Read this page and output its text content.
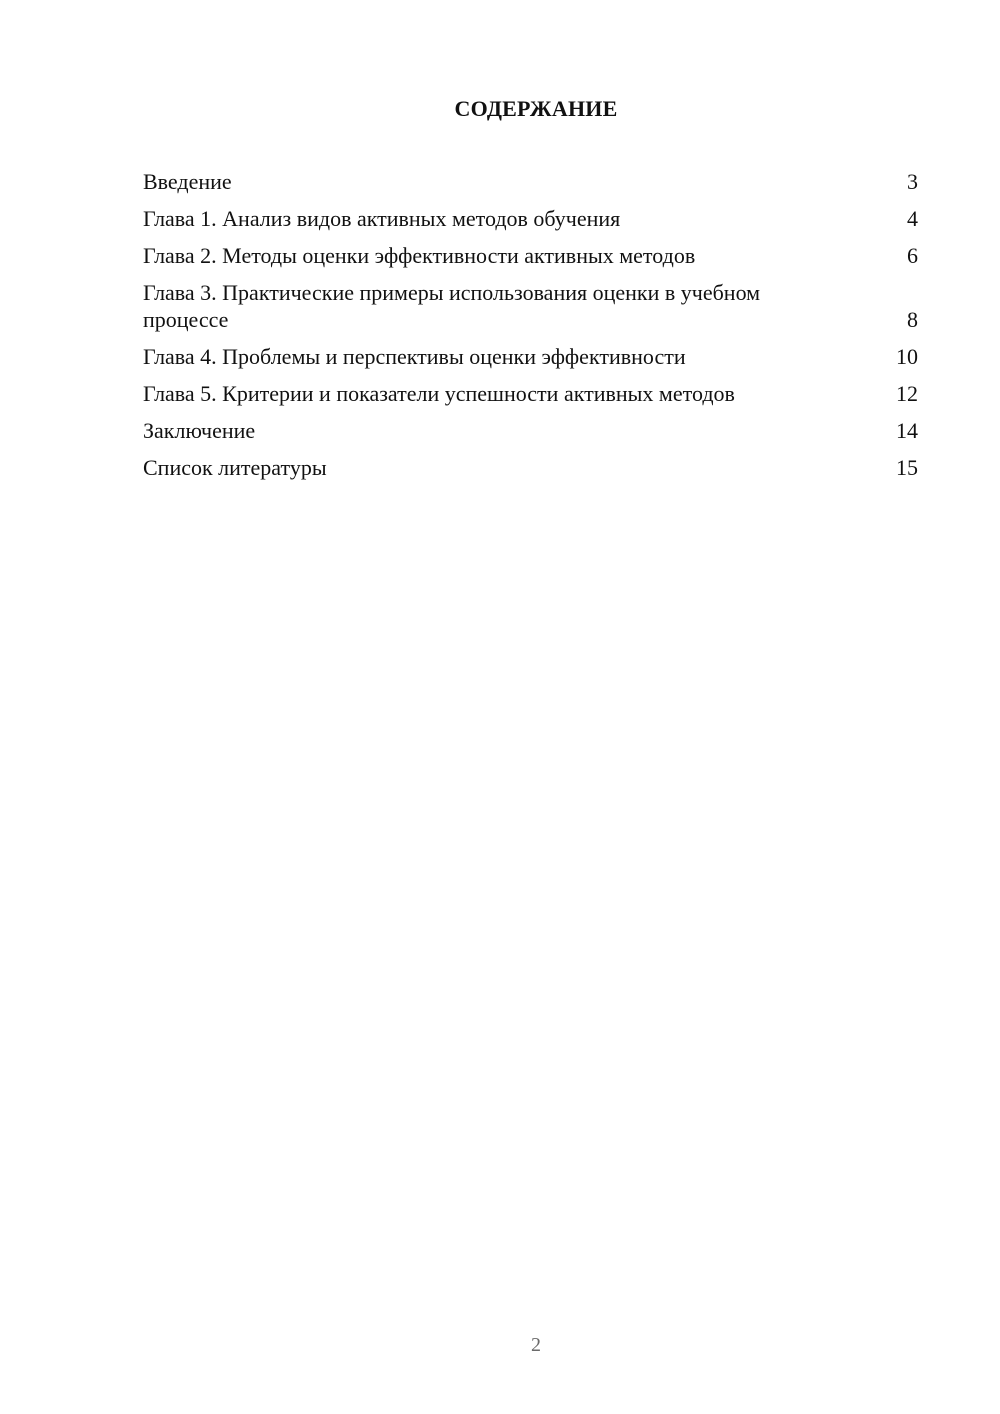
СОДЕРЖАНИЕ
Введение	3
Глава 1. Анализ видов активных методов обучения	4
Глава 2. Методы оценки эффективности активных методов	6
Глава 3. Практические примеры использования оценки в учебном процессе	8
Глава 4. Проблемы и перспективы оценки эффективности	10
Глава 5. Критерии и показатели успешности активных методов	12
Заключение	14
Список литературы	15
2
